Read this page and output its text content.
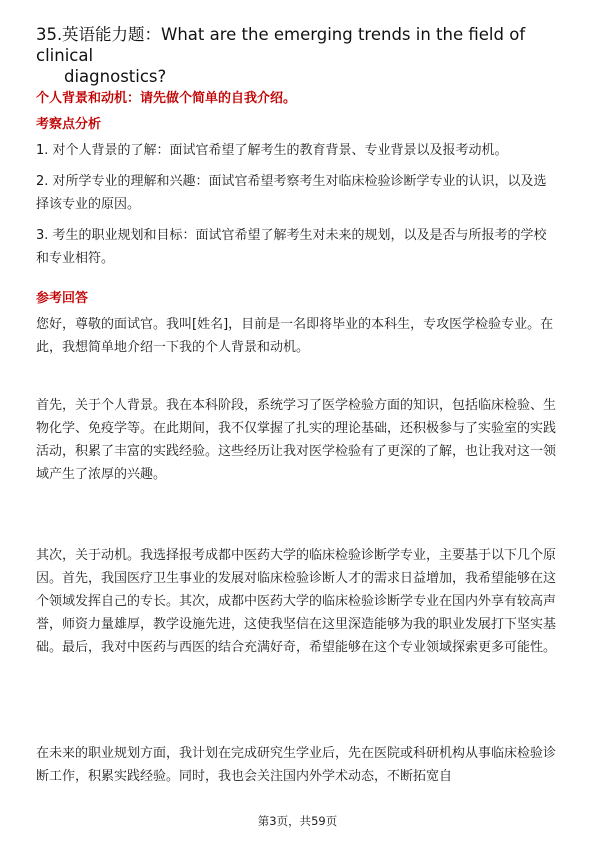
35.英语能力题：What are the emerging trends in the field of clinical
diagnostics?

个人背景和动机：请先做个简单的自我介绍。

考察点分析

1. 对个人背景的了解：面试官希望了解考生的教育背景、专业背景以及报考动机。

2. 对所学专业的理解和兴趣：面试官希望考察考生对临床检验诊断学专业的认识，以及选择该专业的原因。

3. 考生的职业规划和目标：面试官希望了解考生对未来的规划，以及是否与所报考的学校和专业相符。

参考回答

您好，尊敬的面试官。我叫[姓名]，目前是一名即将毕业的本科生，专攻医学检验专业。在此，我想简单地介绍一下我的个人背景和动机。

首先，关于个人背景。我在本科阶段，系统学习了医学检验方面的知识，包括临床检验、生物化学、免疫学等。在此期间，我不仅掌握了扎实的理论基础，还积极参与了实验室的实践活动，积累了丰富的实践经验。这些经历让我对医学检验有了更深的了解，也让我对这一领域产生了浓厚的兴趣。

其次，关于动机。我选择报考成都中医药大学的临床检验诊断学专业，主要基于以下几个原因。首先，我国医疗卫生事业的发展对临床检验诊断人才的需求日益增加，我希望能够在这个领域发挥自己的专长。其次，成都中医药大学的临床检验诊断学专业在国内外享有较高声誉，师资力量雄厚，教学设施先进，这使我坚信在这里深造能够为我的职业发展打下坚实基础。最后，我对中医药与西医的结合充满好奇，希望能够在这个专业领域探索更多可能性。

在未来的职业规划方面，我计划在完成研究生学业后，先在医院或科研机构从事临床检验诊断工作，积累实践经验。同时，我也会关注国内外学术动态，不断拓宽自

第3页，共59页
